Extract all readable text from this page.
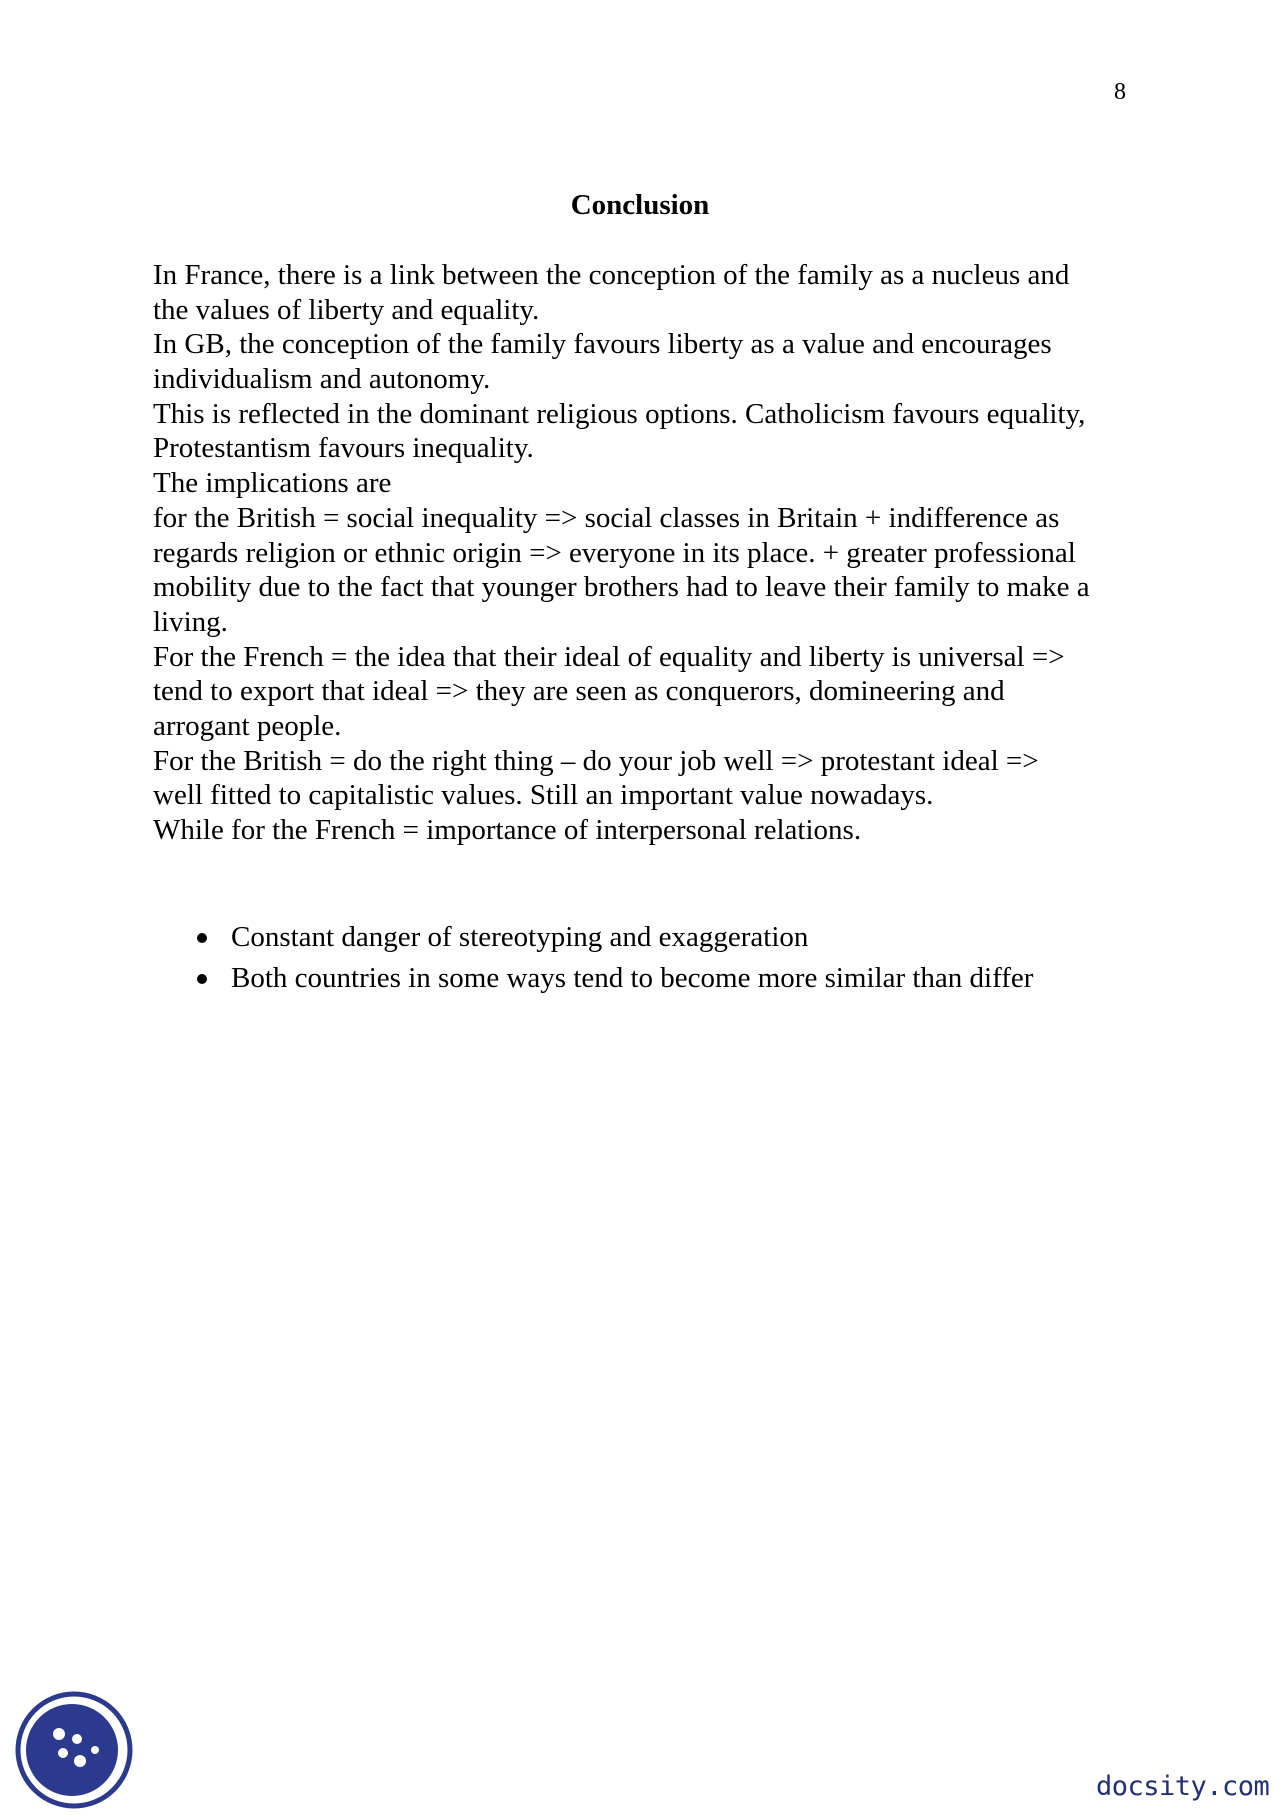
8
Conclusion
In France, there is a link between the conception of the family as a nucleus and
the values of liberty and equality.
In GB, the conception of the family favours liberty as a value and encourages
individualism and autonomy.
This is reflected in the dominant religious options. Catholicism favours equality,
Protestantism favours inequality.
The implications are
for the British = social inequality => social classes in Britain + indifference as
regards religion or ethnic origin => everyone in its place. + greater professional
mobility due to the fact that younger brothers had to leave their family to make a
living.
For the French = the idea that their ideal of equality and liberty is universal =>
tend to export that ideal => they are seen as conquerors, domineering and
arrogant people.
For the British = do the right thing – do your job well => protestant ideal =>
well fitted to capitalistic values. Still an important value nowadays.
While for the French = importance of interpersonal relations.
Constant danger of stereotyping and exaggeration
Both countries in some ways tend to become more similar than differ
docsity.com
